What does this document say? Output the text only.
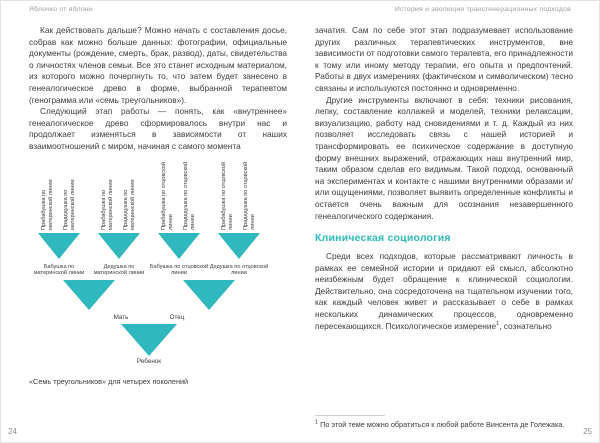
Яблочко от яблони	История и эволюция трансгенерационных подходов
24	25

Как действовать дальше? Можно начать с составления досье, собрав как можно больше данных: фотографии, официальные документы (рождение, смерть, брак, развод), даты, свидетельства о личностях членов семьи. Все это станет исходным материалом, из которого можно почерпнуть то, что затем будет занесено в генеалогическое древо в форме, выбранной терапевтом (генограмма или «семь треугольников»).

Следующий этап работы — понять, как «внутреннее» генеалогическое древо сформировалось внутри нас и продолжает изменяться в зависимости от наших взаимоотношений с миром, начиная с самого момента

Прабабушка по материнской линии	Прадедушка по материнской линии	Прабабушка по материнской линии	Прадедушка по материнской линии	Прабабушка по отцовской линии	Прадедушка по отцовской линии	Прабабушка по отцовской линии	Прадедушка по отцовской линии
Бабушка по материнской линии
Дедушка по материнской линии
Бабушка по отцовской линии
Дедушка по отцовской линии
Мать	Отец
Ребенок
«Семь треугольников» для четырех поколений

зачатия. Сам по себе этот этап подразумевает использование других различных терапевтических инструментов, вне зависимости от подготовки самого терапевта, его принадлежности к тому или иному методу терапии, его опыта и предпочтений. Работы в двух измерениях (фактическом и символическом) тесно связаны и используются постоянно и одновременно.

Другие инструменты включают в себя: техники рисования, лепку, составление коллажей и моделей, техники релаксации, визуализацию, работу над сновидениями и т. д. Каждый из них позволяет исследовать связь с нашей историей и трансформировать ее психическое содержание в доступную форму внешних выражений, отражающих наш внутренний мир, таким образом сделав его видимым. Такой подход, основанный на экспериментах и контакте с нашими внутренними образами и/или ощущениями, позволяет выявить определенные конфликты и остается очень важным для осознания незавершенного генеалогического содержания.

Клиническая социология

Среди всех подходов, которые рассматривают личность в рамках ее семейной истории и придают ей смысл, абсолютно неизбежным будет обращение к клинической социологии. Действительно, она сосредоточена на тщательном изучении того, как каждый человек живет и рассказывает о себе в рамках нескольких динамических процессов, одновременно пересекающихся. Психологическое измерение$^1$, сознательно

$^1$ По этой теме можно обратиться к любой работе Винсента де Голежака.
